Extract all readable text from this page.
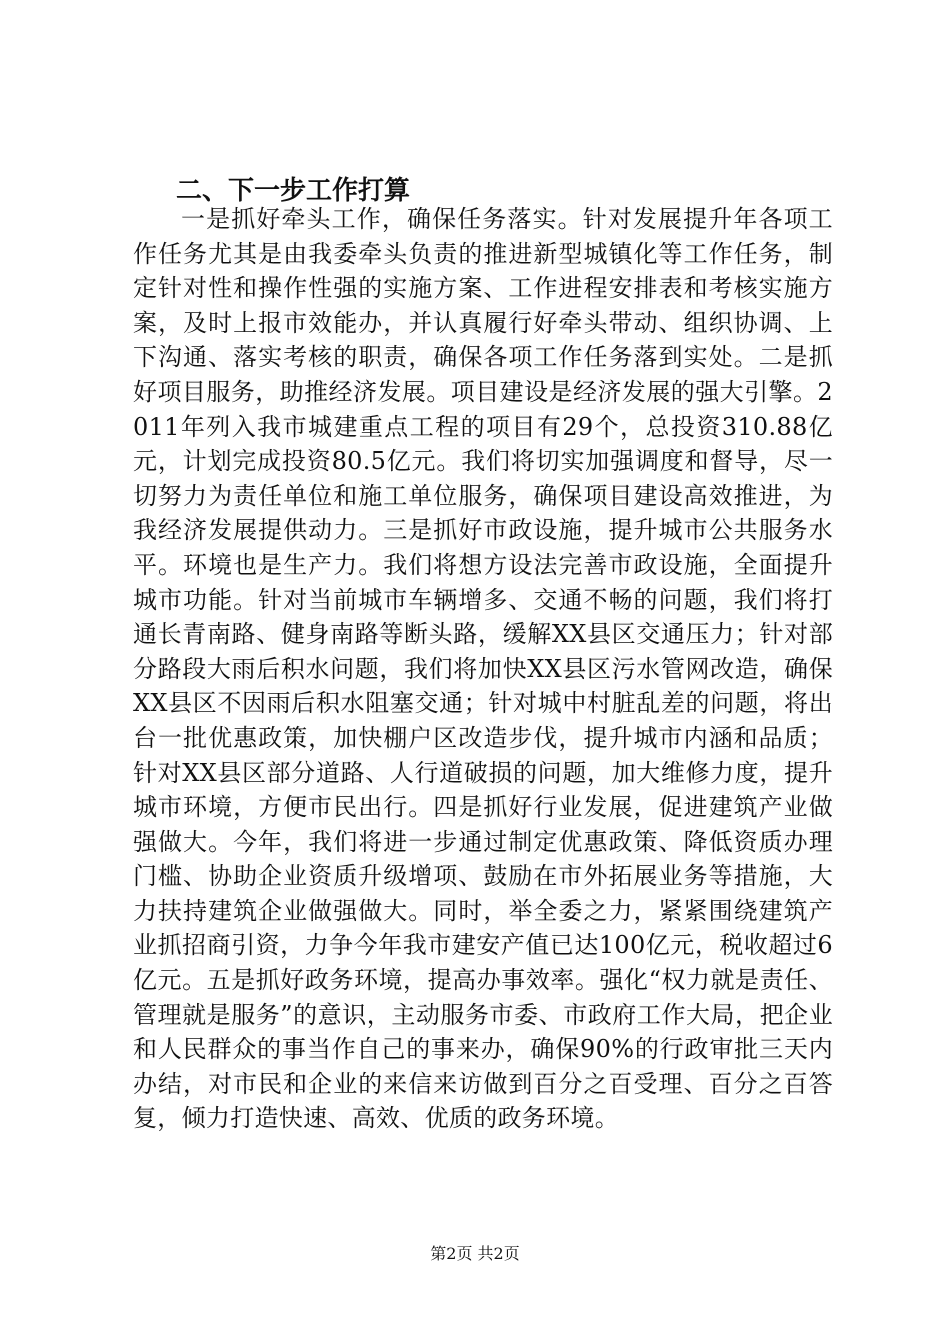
二、下一步工作打算

一是抓好牵头工作，确保任务落实。针对发展提升年各项工作任务尤其是由我委牵头负责的推进新型城镇化等工作任务，制定针对性和操作性强的实施方案、工作进程安排表和考核实施方案，及时上报市效能办，并认真履行好牵头带动、组织协调、上下沟通、落实考核的职责，确保各项工作任务落到实处。二是抓好项目服务，助推经济发展。项目建设是经济发展的强大引擎。2011年列入我市城建重点工程的项目有29个，总投资310.88亿元，计划完成投资80.5亿元。我们将切实加强调度和督导，尽一切努力为责任单位和施工单位服务，确保项目建设高效推进，为我经济发展提供动力。三是抓好市政设施，提升城市公共服务水平。环境也是生产力。我们将想方设法完善市政设施，全面提升城市功能。针对当前城市车辆增多、交通不畅的问题，我们将打通长青南路、健身南路等断头路，缓解XX县区交通压力；针对部分路段大雨后积水问题，我们将加快XX县区污水管网改造，确保XX县区不因雨后积水阻塞交通；针对城中村脏乱差的问题，将出台一批优惠政策，加快棚户区改造步伐，提升城市内涵和品质；针对XX县区部分道路、人行道破损的问题，加大维修力度，提升城市环境，方便市民出行。四是抓好行业发展，促进建筑产业做强做大。今年，我们将进一步通过制定优惠政策、降低资质办理门槛、协助企业资质升级增项、鼓励在市外拓展业务等措施，大力扶持建筑企业做强做大。同时，举全委之力，紧紧围绕建筑产业抓招商引资，力争今年我市建安产值已达100亿元，税收超过6亿元。五是抓好政务环境，提高办事效率。强化“权力就是责任、管理就是服务”的意识，主动服务市委、市政府工作大局，把企业和人民群众的事当作自己的事来办，确保90%的行政审批三天内办结，对市民和企业的来信来访做到百分之百受理、百分之百答复，倾力打造快速、高效、优质的政务环境。

第2页 共2页
